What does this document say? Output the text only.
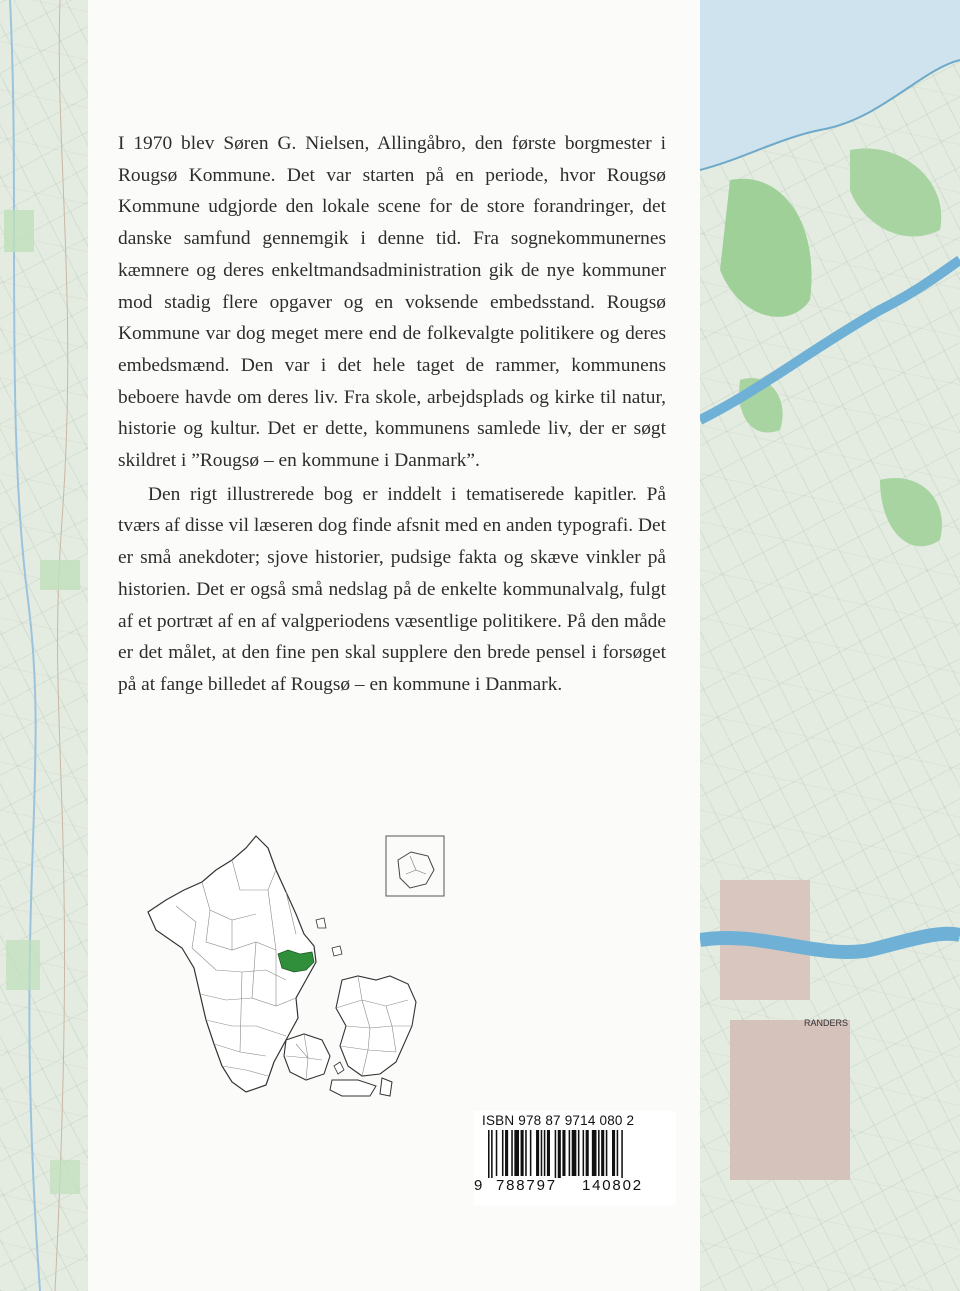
RANDERS

I 1970 blev Søren G. Nielsen, Allingåbro, den første borgmester i Rougsø Kommune. Det var starten på en periode, hvor Rougsø Kommune udgjorde den lokale scene for de store forandringer, det danske samfund gennemgik i denne tid. Fra sognekommunernes kæmnere og deres enkeltmandsadministration gik de nye kommuner mod stadig flere opgaver og en voksende embedsstand. Rougsø Kommune var dog meget mere end de folkevalgte politikere og deres embedsmænd. Den var i det hele taget de rammer, kommunens beboere havde om deres liv. Fra skole, arbejdsplads og kirke til natur, historie og kultur. Det er dette, kommunens samlede liv, der er søgt skildret i ”Rougsø – en kommune i Danmark”.

Den rigt illustrerede bog er inddelt i tematiserede kapitler. På tværs af disse vil læseren dog finde afsnit med en anden typografi. Det er små anekdoter; sjove historier, pudsige fakta og skæve vinkler på historien. Det er også små nedslag på de enkelte kommunalvalg, fulgt af et portræt af en af valgperiodens væsentlige politikere. På den måde er det målet, at den fine pen skal supplere den brede pensel i forsøget på at fange billedet af Rougsø – en kommune i Danmark.

ISBN 978 87 9714 080 2
9 788797	140802
